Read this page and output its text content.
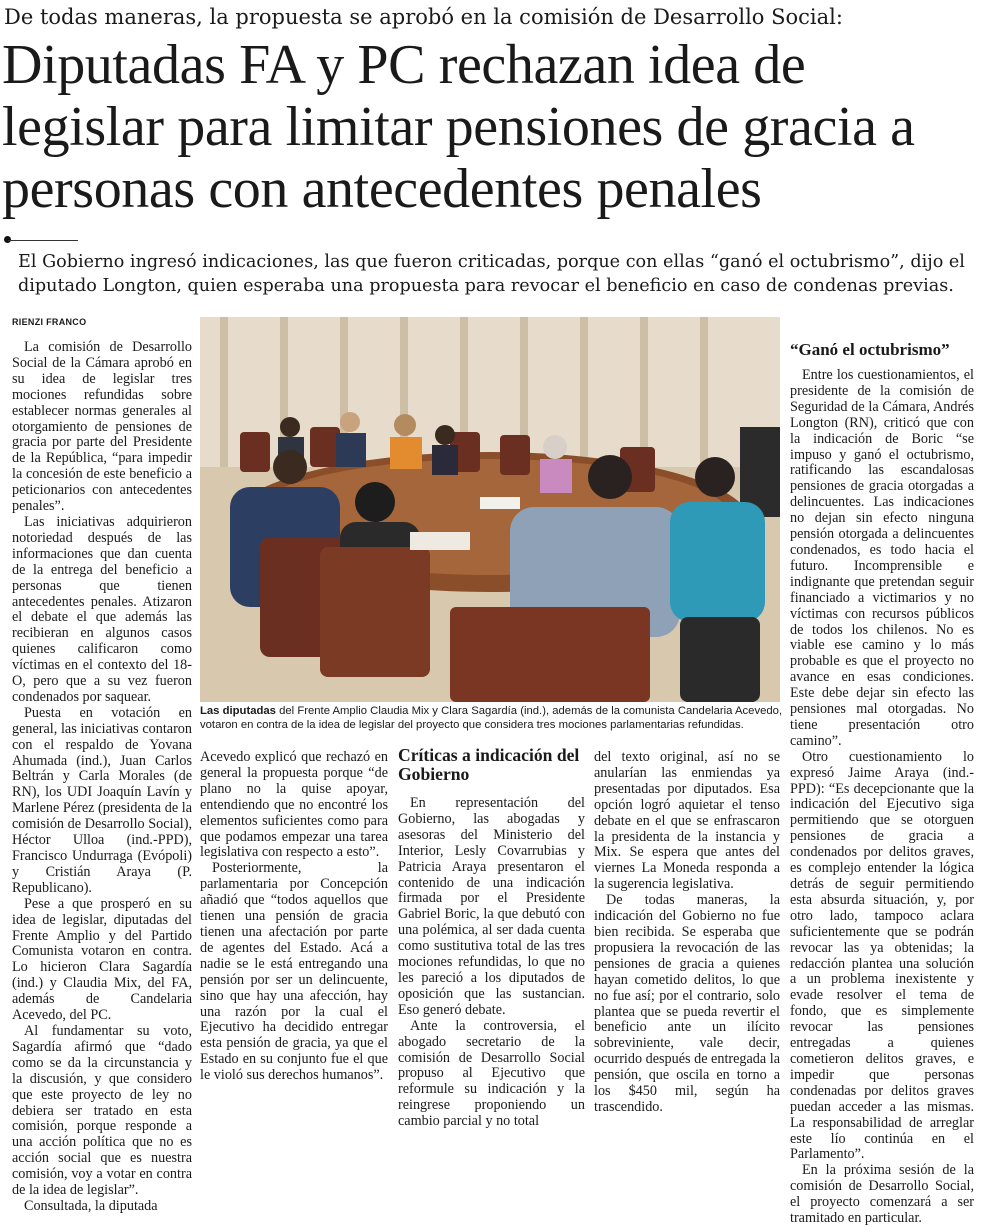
De todas maneras, la propuesta se aprobó en la comisión de Desarrollo Social:
Diputadas FA y PC rechazan idea de legislar para limitar pensiones de gracia a personas con antecedentes penales
El Gobierno ingresó indicaciones, las que fueron criticadas, porque con ellas “ganó el octubrismo”, dijo el diputado Longton, quien esperaba una propuesta para revocar el beneficio en caso de condenas previas.
RIENZI FRANCO

La comisión de Desarrollo Social de la Cámara aprobó en su idea de legislar tres mociones refundidas sobre establecer normas generales al otorgamiento de pensiones de gracia por parte del Presidente de la República, “para impedir la concesión de este beneficio a peticionarios con antecedentes penales”.

Las iniciativas adquirieron notoriedad después de las informaciones que dan cuenta de la entrega del beneficio a personas que tienen antecedentes penales. Atizaron el debate el que además las recibieran en algunos casos quienes calificaron como víctimas en el contexto del 18-O, pero que a su vez fueron condenados por saquear.

Puesta en votación en general, las iniciativas contaron con el respaldo de Yovana Ahumada (ind.), Juan Carlos Beltrán y Carla Morales (de RN), los UDI Joaquín Lavín y Marlene Pérez (presidenta de la comisión de Desarrollo Social), Héctor Ulloa (ind.-PPD), Francisco Undurraga (Evópoli) y Cristián Araya (P. Republicano).

Pese a que prosperó en su idea de legislar, diputadas del Frente Amplio y del Partido Comunista votaron en contra. Lo hicieron Clara Sagardía (ind.) y Claudia Mix, del FA, además de Candelaria Acevedo, del PC.

Al fundamentar su voto, Sagardía afirmó que “dado como se da la circunstancia y la discusión, y que considero que este proyecto de ley no debiera ser tratado en esta comisión, porque responde a una acción política que no es acción social que es nuestra comisión, voy a votar en contra de la idea de legislar”.

Consultada, la diputada

Las diputadas del Frente Amplio Claudia Mix y Clara Sagardía (ind.), además de la comunista Candelaria Acevedo, votaron en contra de la idea de legislar del proyecto que considera tres mociones parlamentarias refundidas.

Acevedo explicó que rechazó en general la propuesta porque “de plano no la quise apoyar, entendiendo que no encontré los elementos suficientes como para que podamos empezar una tarea legislativa con respecto a esto”.

Posteriormente, la parlamentaria por Concepción añadió que “todos aquellos que tienen una pensión de gracia tienen una afectación por parte de agentes del Estado. Acá a nadie se le está entregando una pensión por ser un delincuente, sino que hay una afección, hay una razón por la cual el Ejecutivo ha decidido entregar esta pensión de gracia, ya que el Estado en su conjunto fue el que le violó sus derechos humanos”.

Críticas a indicación del Gobierno

En representación del Gobierno, las abogadas y asesoras del Ministerio del Interior, Lesly Covarrubias y Patricia Araya presentaron el contenido de una indicación firmada por el Presidente Gabriel Boric, la que debutó con una polémica, al ser dada cuenta como sustitutiva total de las tres mociones refundidas, lo que no les pareció a los diputados de oposición que las sustancian. Eso generó debate.

Ante la controversia, el abogado secretario de la comisión de Desarrollo Social propuso al Ejecutivo que reformule su indicación y la reingrese proponiendo un cambio parcial y no total

del texto original, así no se anularían las enmiendas ya presentadas por diputados. Esa opción logró aquietar el tenso debate en el que se enfrascaron la presidenta de la instancia y Mix. Se espera que antes del viernes La Moneda responda a la sugerencia legislativa.

De todas maneras, la indicación del Gobierno no fue bien recibida. Se esperaba que propusiera la revocación de las pensiones de gracia a quienes hayan cometido delitos, lo que no fue así; por el contrario, solo plantea que se pueda revertir el beneficio ante un ilícito sobreviniente, vale decir, ocurrido después de entregada la pensión, que oscila en torno a los $450 mil, según ha trascendido.

“Ganó el octubrismo”

Entre los cuestionamientos, el presidente de la comisión de Seguridad de la Cámara, Andrés Longton (RN), criticó que con la indicación de Boric “se impuso y ganó el octubrismo, ratificando las escandalosas pensiones de gracia otorgadas a delincuentes. Las indicaciones no dejan sin efecto ninguna pensión otorgada a delincuentes condenados, es todo hacia el futuro. Incomprensible e indignante que pretendan seguir financiado a victimarios y no víctimas con recursos públicos de todos los chilenos. No es viable ese camino y lo más probable es que el proyecto no avance en esas condiciones. Este debe dejar sin efecto las pensiones mal otorgadas. No tiene presentación otro camino”.

Otro cuestionamiento lo expresó Jaime Araya (ind.-PPD): “Es decepcionante que la indicación del Ejecutivo siga permitiendo que se otorguen pensiones de gracia a condenados por delitos graves, es complejo entender la lógica detrás de seguir permitiendo esta absurda situación, y, por otro lado, tampoco aclara suficientemente que se podrán revocar las ya obtenidas; la redacción plantea una solución a un problema inexistente y evade resolver el tema de fondo, que es simplemente revocar las pensiones entregadas a quienes cometieron delitos graves, e impedir que personas condenadas por delitos graves puedan acceder a las mismas. La responsabilidad de arreglar este lío continúa en el Parlamento”.

En la próxima sesión de la comisión de Desarrollo Social, el proyecto comenzará a ser tramitado en particular.
